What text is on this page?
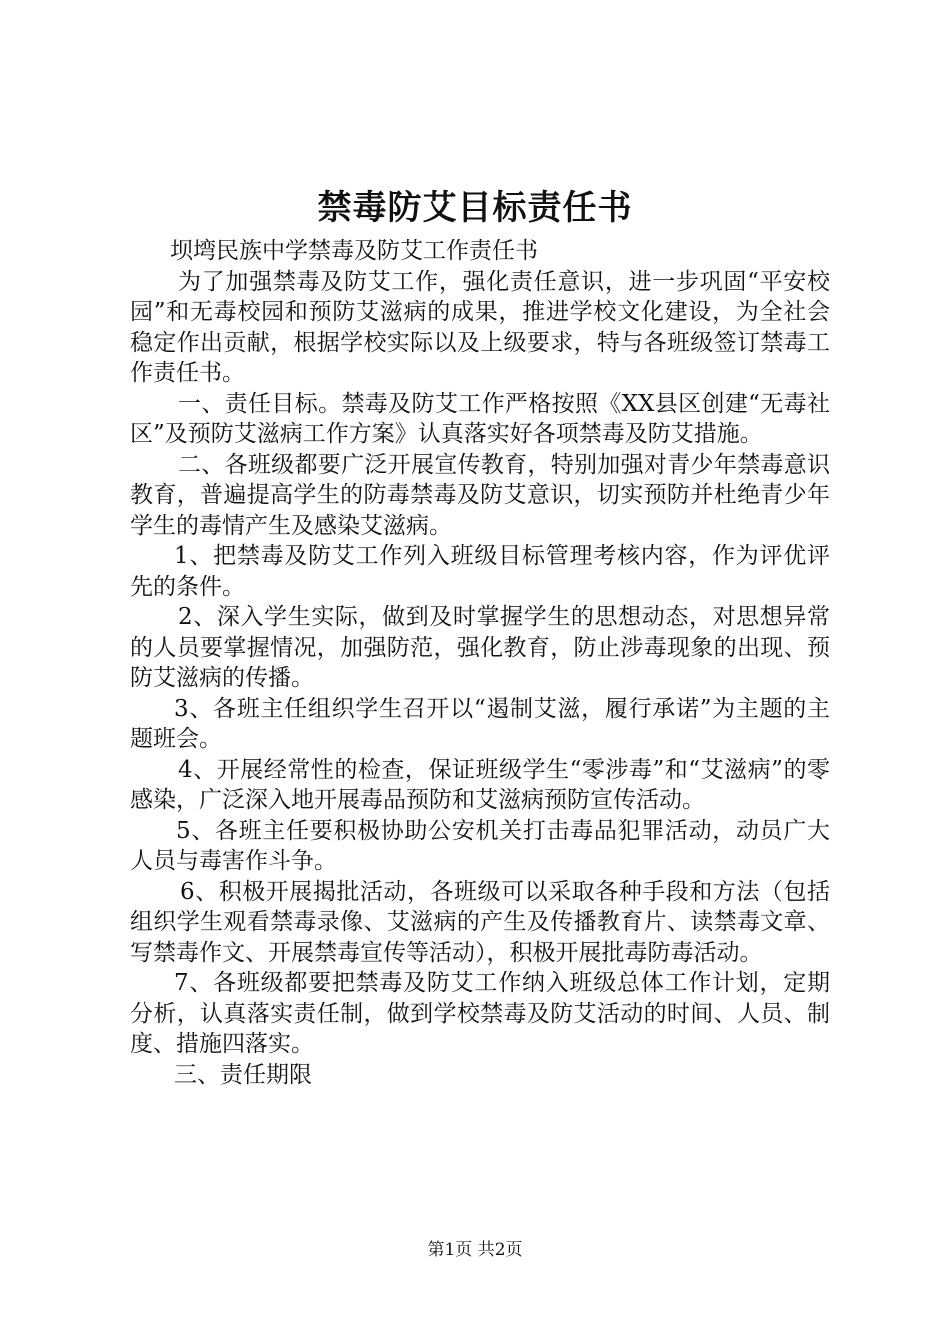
禁毒防艾目标责任书

坝塆民族中学禁毒及防艾工作责任书

为了加强禁毒及防艾工作，强化责任意识，进一步巩固“平安校园”和无毒校园和预防艾滋病的成果，推进学校文化建设，为全社会稳定作出贡献，根据学校实际以及上级要求，特与各班级签订禁毒工作责任书。

一、责任目标。禁毒及防艾工作严格按照《XX县区创建“无毒社区”及预防艾滋病工作方案》认真落实好各项禁毒及防艾措施。

二、各班级都要广泛开展宣传教育，特别加强对青少年禁毒意识教育，普遍提高学生的防毒禁毒及防艾意识，切实预防并杜绝青少年学生的毒情产生及感染艾滋病。

1、把禁毒及防艾工作列入班级目标管理考核内容，作为评优评先的条件。

2、深入学生实际，做到及时掌握学生的思想动态，对思想异常的人员要掌握情况，加强防范，强化教育，防止涉毒现象的出现、预防艾滋病的传播。

3、各班主任组织学生召开以“遏制艾滋，履行承诺”为主题的主题班会。

4、开展经常性的检查，保证班级学生“零涉毒”和“艾滋病”的零感染，广泛深入地开展毒品预防和艾滋病预防宣传活动。

5、各班主任要积极协助公安机关打击毒品犯罪活动，动员广大人员与毒害作斗争。

6、积极开展揭批活动，各班级可以采取各种手段和方法（包括组织学生观看禁毒录像、艾滋病的产生及传播教育片、读禁毒文章、写禁毒作文、开展禁毒宣传等活动），积极开展批毒防毒活动。

7、各班级都要把禁毒及防艾工作纳入班级总体工作计划，定期分析，认真落实责任制，做到学校禁毒及防艾活动的时间、人员、制度、措施四落实。

三、责任期限

第1页 共2页
